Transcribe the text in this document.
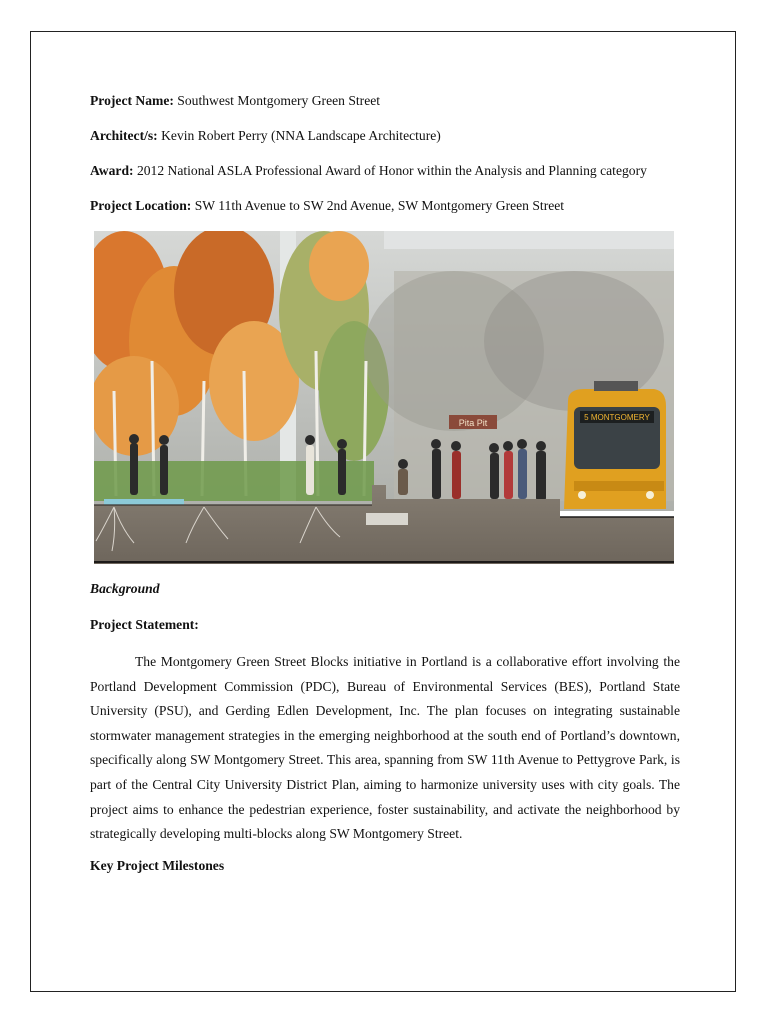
Project Name: Southwest Montgomery Green Street
Architect/s: Kevin Robert Perry (NNA Landscape Architecture)
Award: 2012 National ASLA Professional Award of Honor within the Analysis and Planning category
Project Location: SW 11th Avenue to SW 2nd Avenue, SW Montgomery Green Street
Background
Project Statement:

The Montgomery Green Street Blocks initiative in Portland is a collaborative effort involving the Portland Development Commission (PDC), Bureau of Environmental Services (BES), Portland State University (PSU), and Gerding Edlen Development, Inc. The plan focuses on integrating sustainable stormwater management strategies in the emerging neighborhood at the south end of Portland’s downtown, specifically along SW Montgomery Street. This area, spanning from SW 11th Avenue to Pettygrove Park, is part of the Central City University District Plan, aiming to harmonize university uses with city goals. The project aims to enhance the pedestrian experience, foster sustainability, and activate the neighborhood by strategically developing multi-blocks along SW Montgomery Street.

Key Project Milestones
Pita Pit
5 MONTGOMERY
